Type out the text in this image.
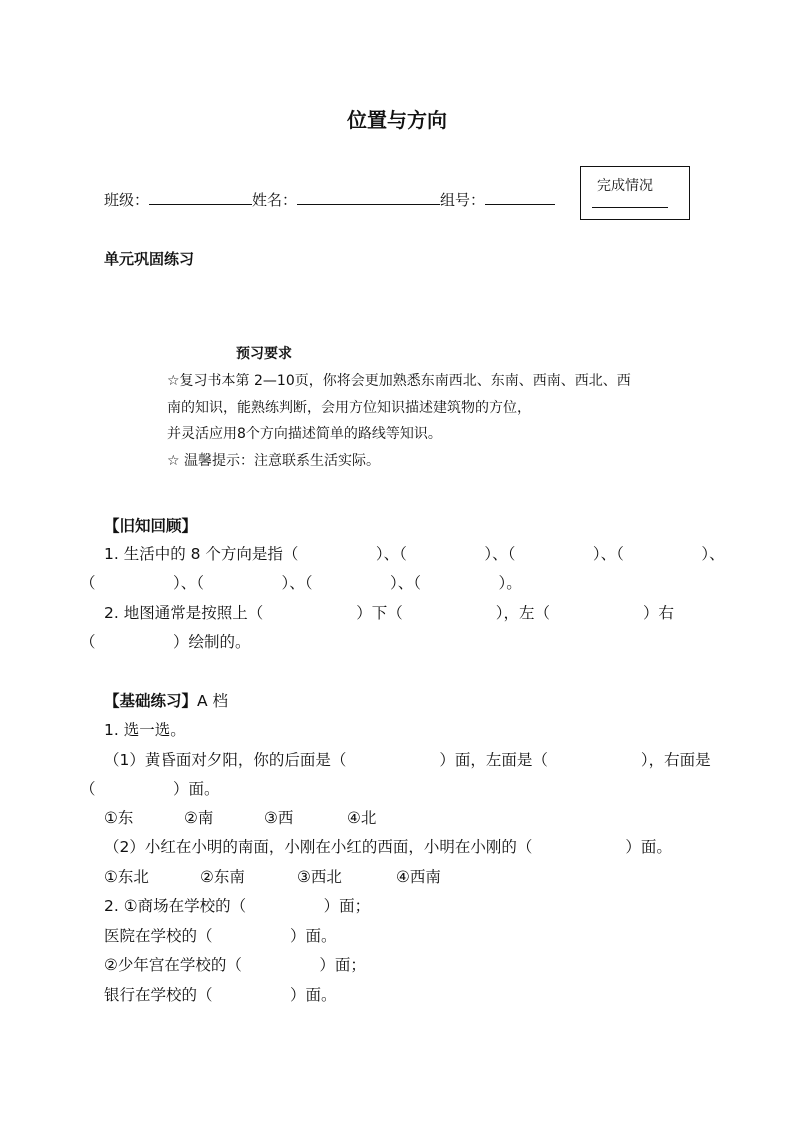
位置与方向
班级：	姓名：	组号：
完成情况
单元巩固练习
预习要求
☆复习书本第 2—10页，你将会更加熟悉东南西北、东南、西南、西北、西
南的知识，能熟练判断，会用方位知识描述建筑物的方位，
并灵活应用8个方向描述简单的路线等知识。
☆ 温馨提示：注意联系生活实际。
【旧知回顾】
1. 生活中的 8 个方向是指（　　　　　）、（　　　　　）、（　　　　　）、（　　　　　）、
（　　　　　）、（　　　　　）、（　　　　　）、（　　　　　）。
2. 地图通常是按照上（　　　　　　）下（　　　　　　），左（　　　　　　）右
（　　　　　）绘制的。
【基础练习】A 档
1. 选一选。
（1）黄昏面对夕阳，你的后面是（　　　　　　）面，左面是（　　　　　　），右面是
（　　　　　）面。
①东	②南	③西	④北
（2）小红在小明的南面，小刚在小红的西面，小明在小刚的（　　　　　　）面。
①东北	②东南	③西北	④西南
2. ①商场在学校的（　　　　　）面；
医院在学校的（　　　　　）面。
②少年宫在学校的（　　　　　）面；
银行在学校的（　　　　　）面。
